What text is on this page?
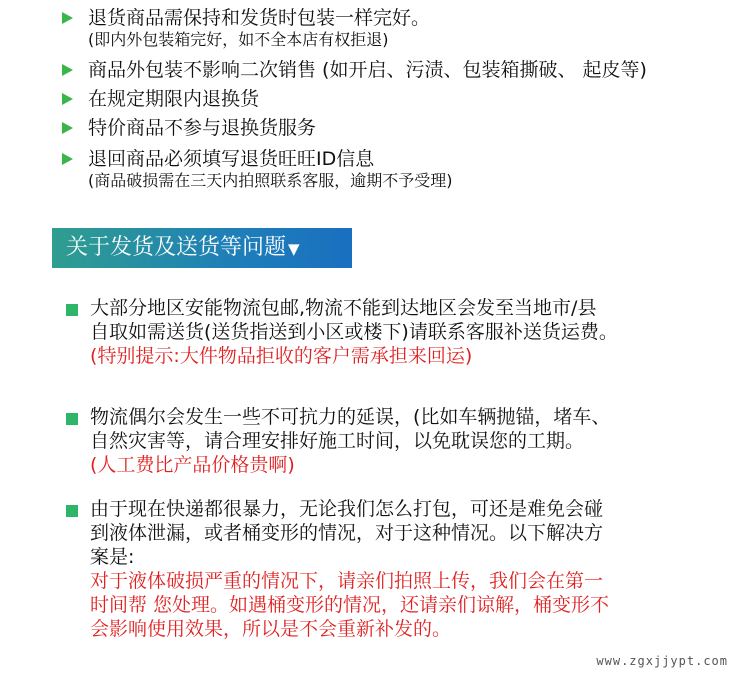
退货商品需保持和发货时包装一样完好。
(即内外包装箱完好，如不全本店有权拒退)
商品外包装不影响二次销售 (如开启、污渍、包装箱撕破、 起皮等)
在规定期限内退换货
特价商品不参与退换货服务
退回商品必须填写退货旺旺ID信息
(商品破损需在三天内拍照联系客服，逾期不予受理)
关于发货及送货等问题 ▼
大部分地区安能物流包邮,物流不能到达地区会发至当地市/县
自取如需送货(送货指送到小区或楼下)请联系客服补送货运费。
(特别提示:大件物品拒收的客户需承担来回运)
物流偶尔会发生一些不可抗力的延误，(比如车辆抛锚，堵车、
自然灾害等，请合理安排好施工时间，以免耽误您的工期。
(人工费比产品价格贵啊)
由于现在快递都很暴力，无论我们怎么打包，可还是难免会碰
到液体泄漏，或者桶变形的情况，对于这种情况。以下解决方
案是:
对于液体破损严重的情况下，请亲们拍照上传，我们会在第一
时间帮 您处理。如遇桶变形的情况，还请亲们谅解，桶变形不
会影响使用效果，所以是不会重新补发的。
www.zgxjjypt.com
